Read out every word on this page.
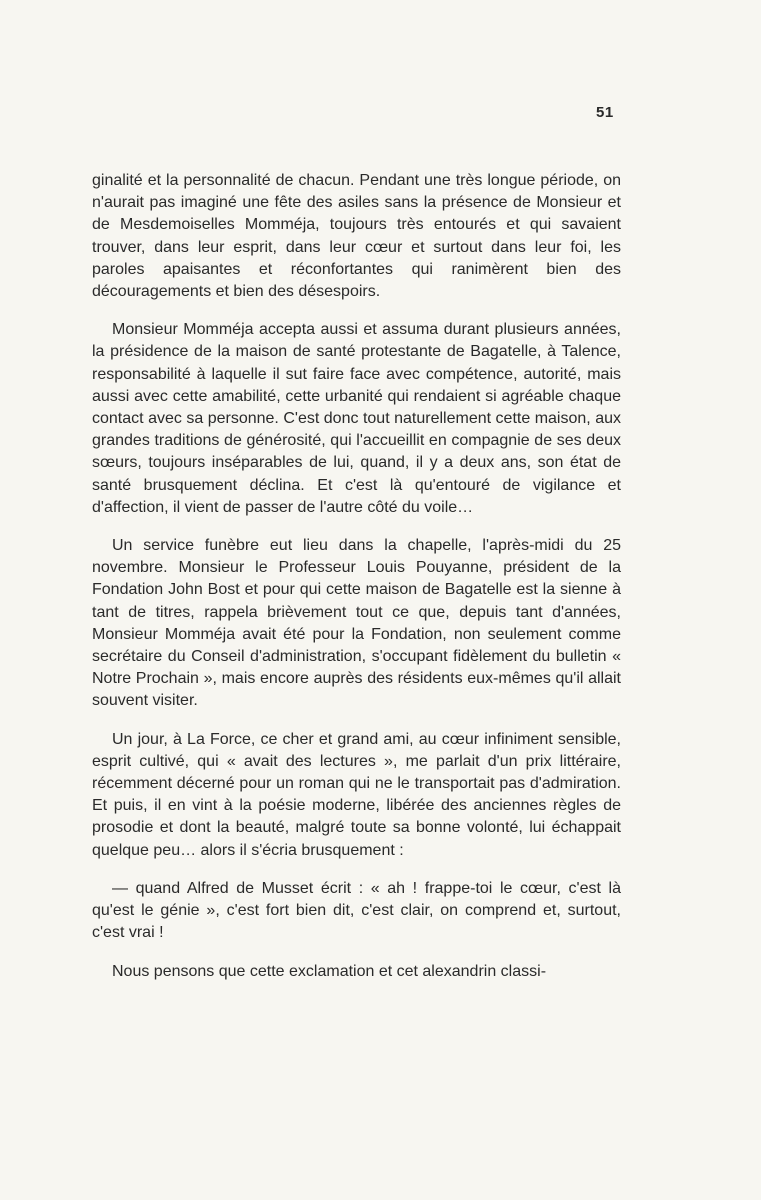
51

ginalité et la personnalité de chacun. Pendant une très longue période, on n'aurait pas imaginé une fête des asiles sans la présence de Monsieur et de Mesdemoiselles Momméja, toujours très entourés et qui savaient trouver, dans leur esprit, dans leur cœur et surtout dans leur foi, les paroles apaisantes et réconfortantes qui ranimèrent bien des découragements et bien des désespoirs.

Monsieur Momméja accepta aussi et assuma durant plusieurs années, la présidence de la maison de santé protestante de Bagatelle, à Talence, responsabilité à laquelle il sut faire face avec compétence, autorité, mais aussi avec cette amabilité, cette urbanité qui rendaient si agréable chaque contact avec sa personne. C'est donc tout naturellement cette maison, aux grandes traditions de générosité, qui l'accueillit en compagnie de ses deux sœurs, toujours inséparables de lui, quand, il y a deux ans, son état de santé brusquement déclina. Et c'est là qu'entouré de vigilance et d'affection, il vient de passer de l'autre côté du voile…

Un service funèbre eut lieu dans la chapelle, l'après-midi du 25 novembre. Monsieur le Professeur Louis Pouyanne, président de la Fondation John Bost et pour qui cette maison de Bagatelle est la sienne à tant de titres, rappela brièvement tout ce que, depuis tant d'années, Monsieur Momméja avait été pour la Fondation, non seulement comme secrétaire du Conseil d'administration, s'occupant fidèlement du bulletin « Notre Prochain », mais encore auprès des résidents eux-mêmes qu'il allait souvent visiter.

Un jour, à La Force, ce cher et grand ami, au cœur infiniment sensible, esprit cultivé, qui « avait des lectures », me parlait d'un prix littéraire, récemment décerné pour un roman qui ne le transportait pas d'admiration. Et puis, il en vint à la poésie moderne, libérée des anciennes règles de prosodie et dont la beauté, malgré toute sa bonne volonté, lui échappait quelque peu… alors il s'écria brusquement :

— quand Alfred de Musset écrit : « ah ! frappe-toi le cœur, c'est là qu'est le génie », c'est fort bien dit, c'est clair, on comprend et, surtout, c'est vrai !

Nous pensons que cette exclamation et cet alexandrin classi-
